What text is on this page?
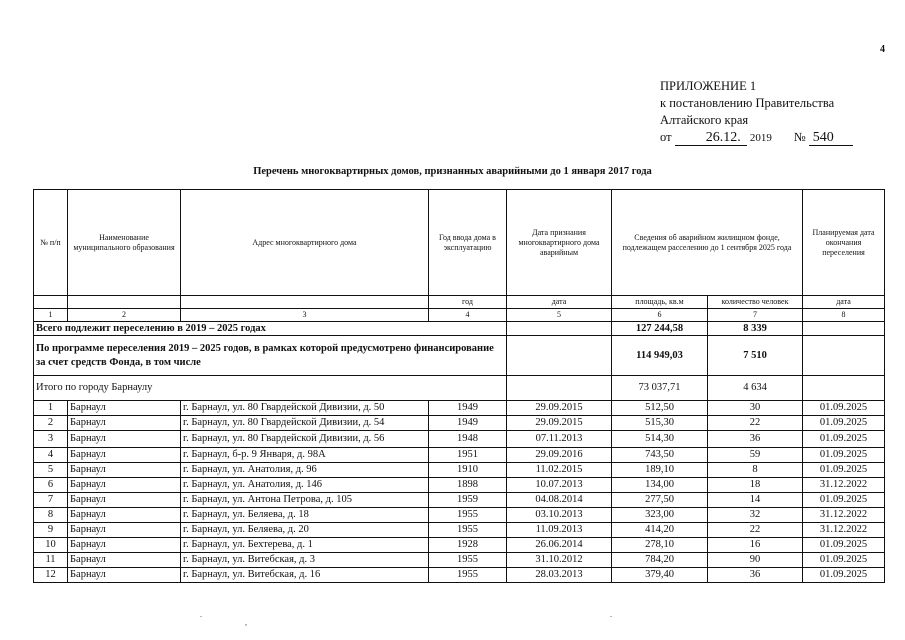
4
ПРИЛОЖЕНИЕ 1
к постановлению Правительства
Алтайского края
от 26.12. 2019 № 540
Перечень многоквартирных домов, признанных аварийными до 1 января 2017 года
№ п/п	Наименование муниципального образования	Адрес многоквартирного дома	Год ввода дома в эксплуатацию	Дата признания многоквартирного дома аварийным	Сведения об аварийном жилищном фонде, подлежащем расселению до 1 сентября 2025 года		Планируемая дата окончания переселения
			год	дата	площадь, кв.м	количество человек	дата
1	2	3	4	5	6	7	8
Всего подлежит переселению в 2019 – 2025 годах					127 244,58	8 339	
По программе переселения 2019 – 2025 годов, в рамках которой предусмотрено финансирование за счет средств Фонда, в том числе					114 949,03	7 510	
Итого по городу Барнаулу					73 037,71	4 634	
1	Барнаул	г. Барнаул, ул. 80 Гвардейской Дивизии, д. 50	1949	29.09.2015	512,50	30	01.09.2025
2	Барнаул	г. Барнаул, ул. 80 Гвардейской Дивизии, д. 54	1949	29.09.2015	515,30	22	01.09.2025
3	Барнаул	г. Барнаул, ул. 80 Гвардейской Дивизии, д. 56	1948	07.11.2013	514,30	36	01.09.2025
4	Барнаул	г. Барнаул, б-р. 9 Января, д. 98А	1951	29.09.2016	743,50	59	01.09.2025
5	Барнаул	г. Барнаул, ул. Анатолия, д. 96	1910	11.02.2015	189,10	8	01.09.2025
6	Барнаул	г. Барнаул, ул. Анатолия, д. 146	1898	10.07.2013	134,00	18	31.12.2022
7	Барнаул	г. Барнаул, ул. Антона Петрова, д. 105	1959	04.08.2014	277,50	14	01.09.2025
8	Барнаул	г. Барнаул, ул. Беляева, д. 18	1955	03.10.2013	323,00	32	31.12.2022
9	Барнаул	г. Барнаул, ул. Беляева, д. 20	1955	11.09.2013	414,20	22	31.12.2022
10	Барнаул	г. Барнаул, ул. Бехтерева, д. 1	1928	26.06.2014	278,10	16	01.09.2025
11	Барнаул	г. Барнаул, ул. Витебская, д. 3	1955	31.10.2012	784,20	90	01.09.2025
12	Барнаул	г. Барнаул, ул. Витебская, д. 16	1955	28.03.2013	379,40	36	01.09.2025
.
,
.
